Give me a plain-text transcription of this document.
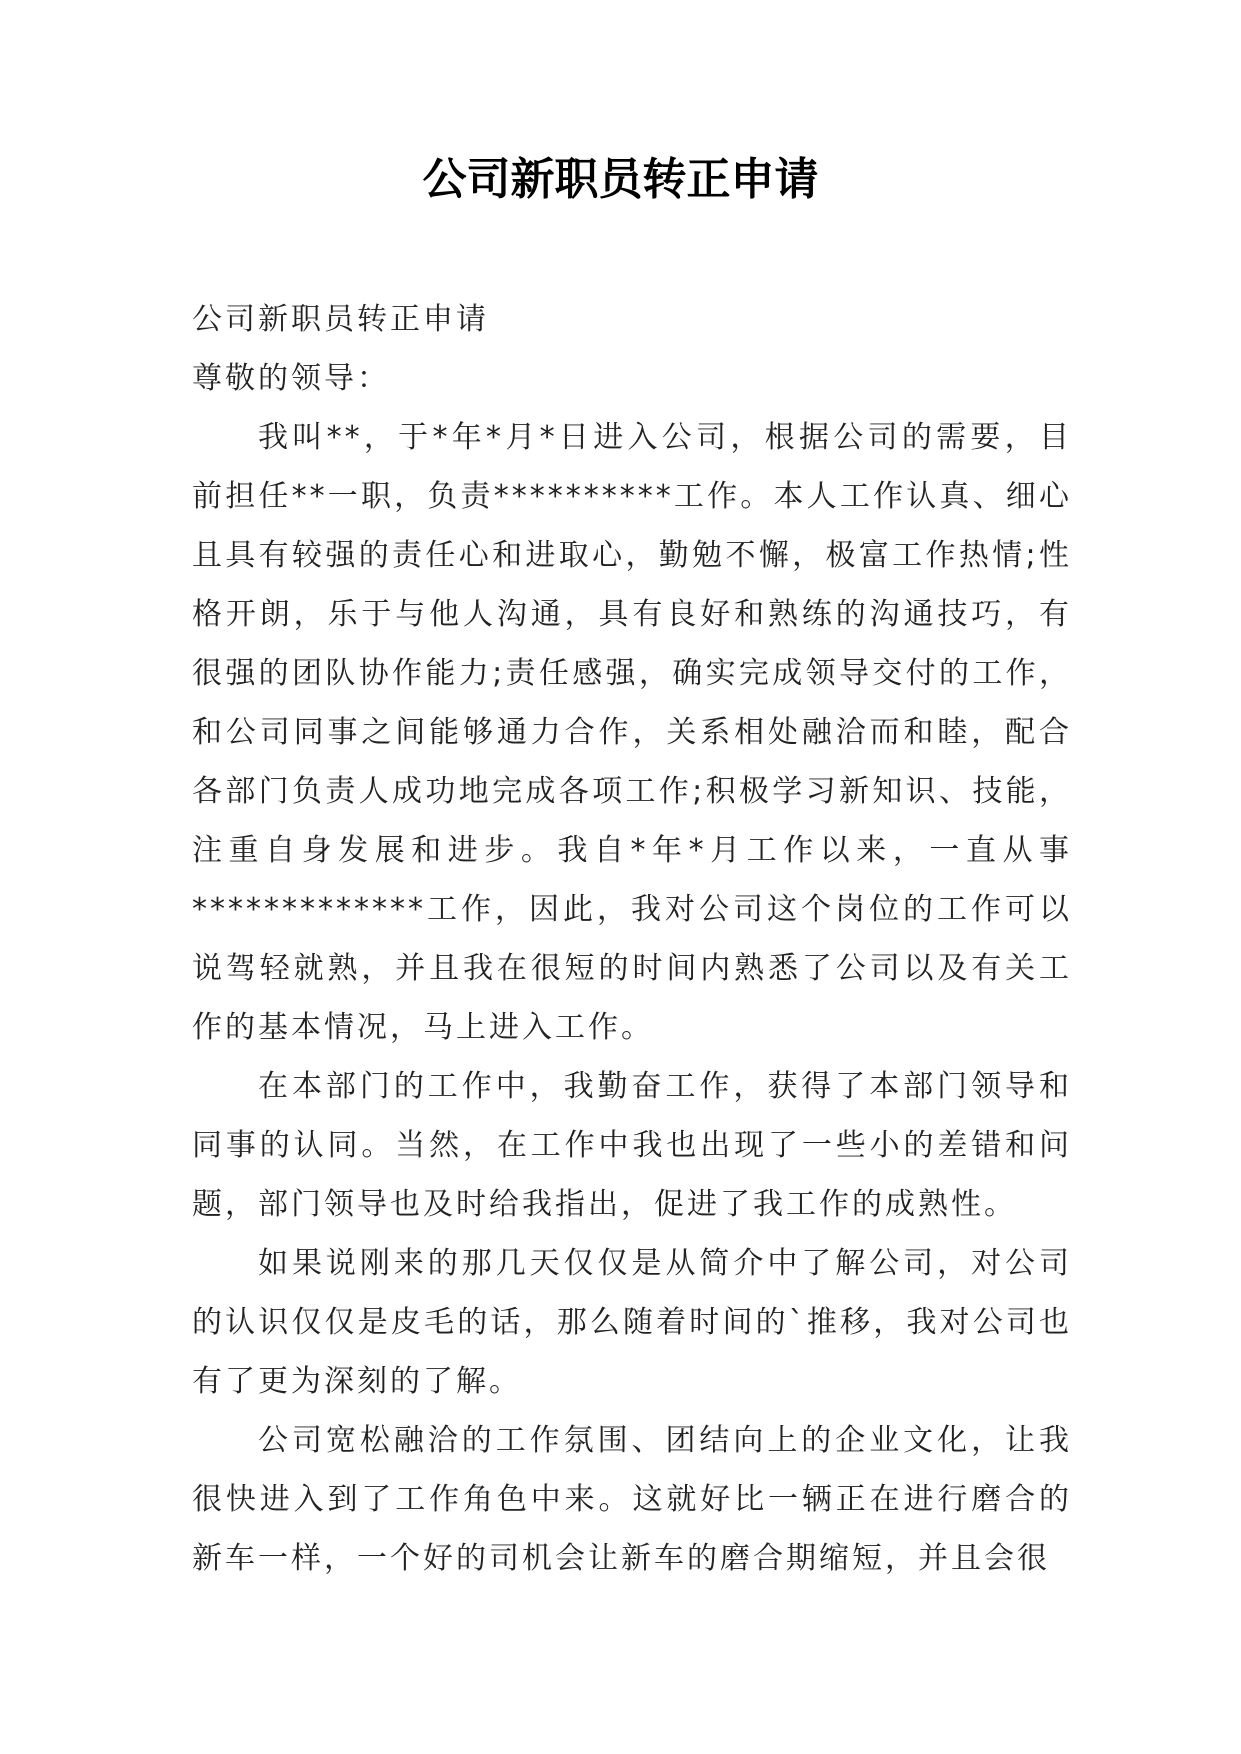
公司新职员转正申请

公司新职员转正申请

尊敬的领导：

我叫**，于*年*月*日进入公司，根据公司的需要，目前担任**一职，负责**********工作。本人工作认真、细心且具有较强的责任心和进取心，勤勉不懈，极富工作热情;性格开朗，乐于与他人沟通，具有良好和熟练的沟通技巧，有很强的团队协作能力;责任感强，确实完成领导交付的工作，和公司同事之间能够通力合作，关系相处融洽而和睦，配合各部门负责人成功地完成各项工作;积极学习新知识、技能，注重自身发展和进步。我自*年*月工作以来，一直从事*************工作，因此，我对公司这个岗位的工作可以说驾轻就熟，并且我在很短的时间内熟悉了公司以及有关工作的基本情况，马上进入工作。

在本部门的工作中，我勤奋工作，获得了本部门领导和同事的认同。当然，在工作中我也出现了一些小的差错和问题，部门领导也及时给我指出，促进了我工作的成熟性。

如果说刚来的那几天仅仅是从简介中了解公司，对公司的认识仅仅是皮毛的话，那么随着时间的`推移，我对公司也有了更为深刻的了解。

公司宽松融洽的工作氛围、团结向上的企业文化，让我很快进入到了工作角色中来。这就好比一辆正在进行磨合的新车一样，一个好的司机会让新车的磨合期缩短，并且会很
